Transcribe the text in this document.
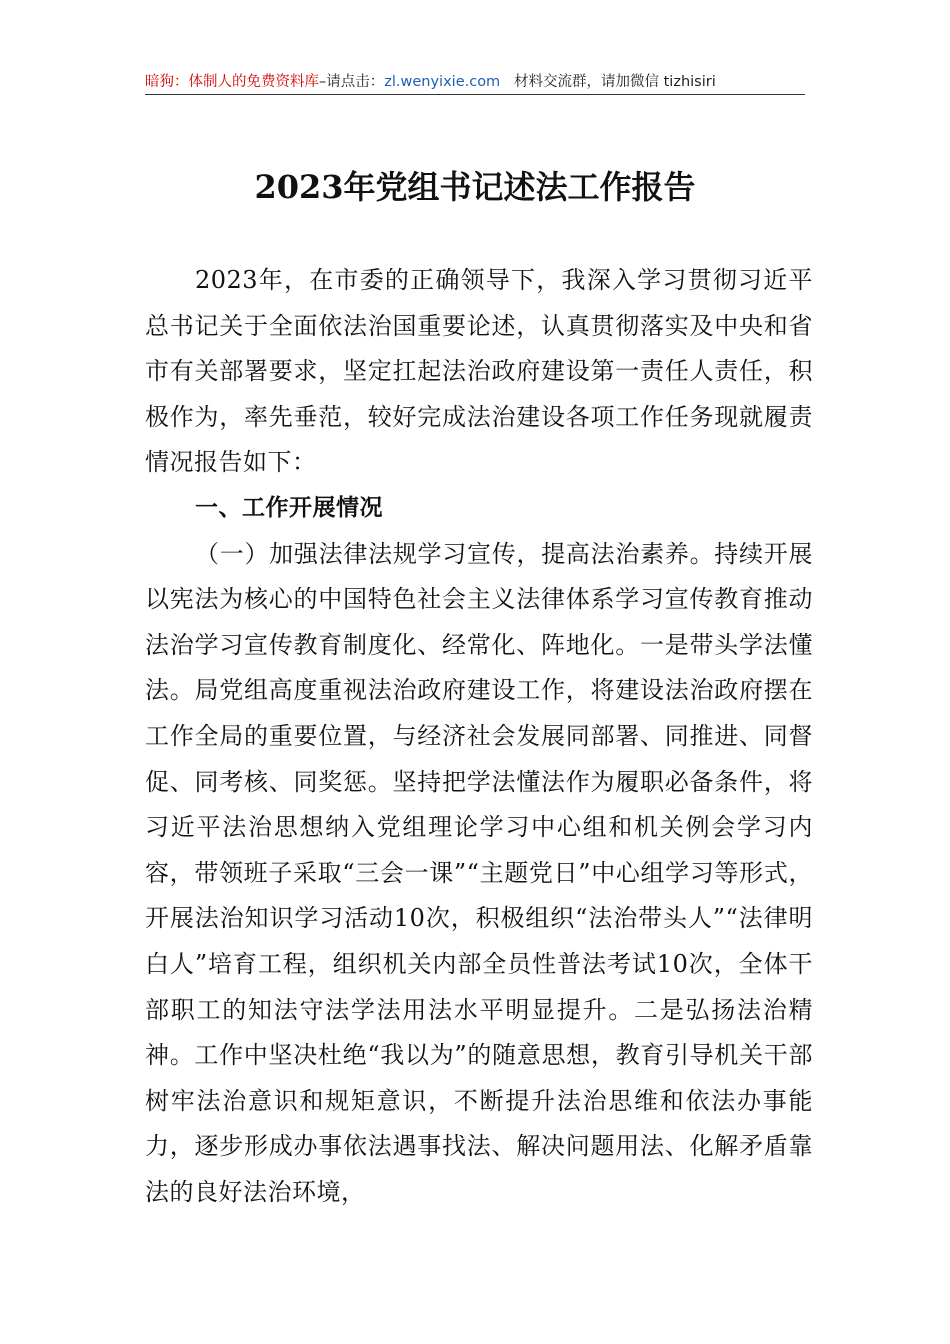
暗狗：体制人的免费资料库–请点击：zl.wenyixie.com 材料交流群，请加微信 tizhisiri
2023年党组书记述法工作报告

2023年，在市委的正确领导下，我深入学习贯彻习近平总书记关于全面依法治国重要论述，认真贯彻落实及中央和省市有关部署要求，坚定扛起法治政府建设第一责任人责任，积极作为，率先垂范，较好完成法治建设各项工作任务现就履责情况报告如下：

一、工作开展情况

（一）加强法律法规学习宣传，提高法治素养。持续开展以宪法为核心的中国特色社会主义法律体系学习宣传教育推动法治学习宣传教育制度化、经常化、阵地化。一是带头学法懂法。局党组高度重视法治政府建设工作，将建设法治政府摆在工作全局的重要位置，与经济社会发展同部署、同推进、同督促、同考核、同奖惩。坚持把学法懂法作为履职必备条件，将习近平法治思想纳入党组理论学习中心组和机关例会学习内容，带领班子采取“三会一课”“主题党日”中心组学习等形式，开展法治知识学习活动10次，积极组织“法治带头人”“法律明白人”培育工程，组织机关内部全员性普法考试10次，全体干部职工的知法守法学法用法水平明显提升。二是弘扬法治精神。工作中坚决杜绝“我以为”的随意思想，教育引导机关干部树牢法治意识和规矩意识，不断提升法治思维和依法办事能力，逐步形成办事依法遇事找法、解决问题用法、化解矛盾靠法的良好法治环境，
